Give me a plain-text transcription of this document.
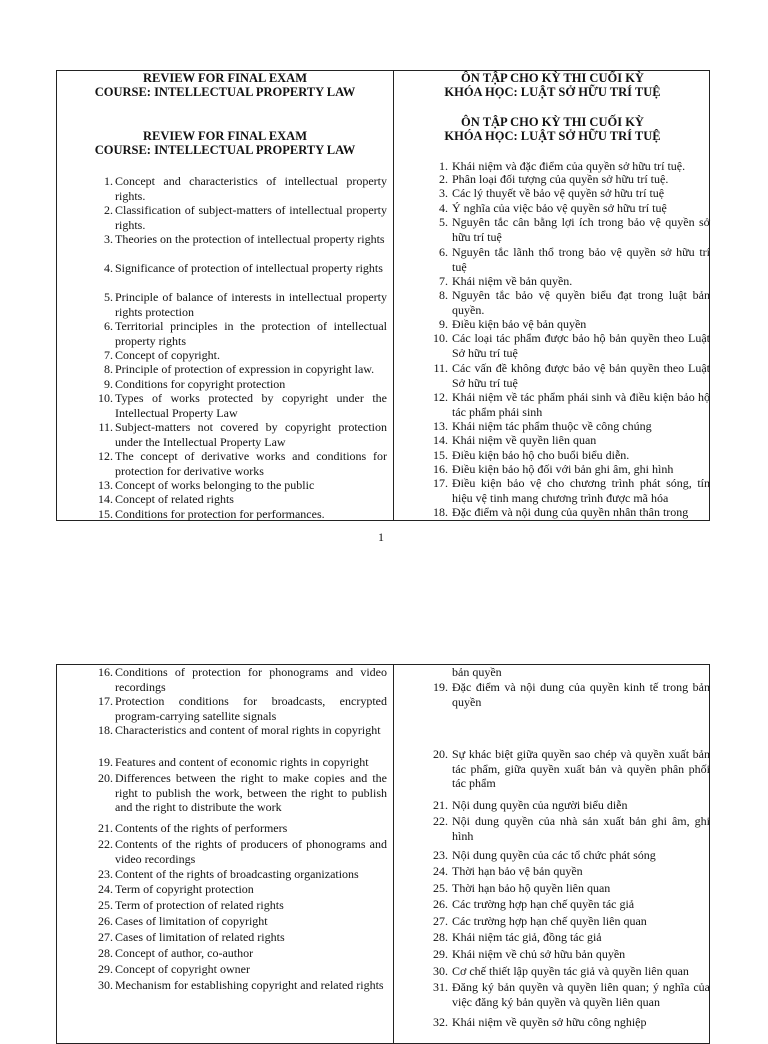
REVIEW FOR FINAL EXAM
COURSE: INTELLECTUAL PROPERTY LAW
REVIEW FOR FINAL EXAM
COURSE: INTELLECTUAL PROPERTY LAW
1. Concept and characteristics of intellectual property rights.
2. Classification of subject-matters of intellectual property rights.
3. Theories on the protection of intellectual property rights
4. Significance of protection of intellectual property rights
5. Principle of balance of interests in intellectual property rights protection
6. Territorial principles in the protection of intellectual property rights
7. Concept of copyright.
8. Principle of protection of expression in copyright law.
9. Conditions for copyright protection
10. Types of works protected by copyright under the Intellectual Property Law
11. Subject-matters not covered by copyright protection under the Intellectual Property Law
12. The concept of derivative works and conditions for protection for derivative works
13. Concept of works belonging to the public
14. Concept of related rights
15. Conditions for protection for performances.
ÔN TẬP CHO KỲ THI CUỐI KỲ
KHÓA HỌC: LUẬT SỞ HỮU TRÍ TUỆ
ÔN TẬP CHO KỲ THI CUỐI KỲ
KHÓA HỌC: LUẬT SỞ HỮU TRÍ TUỆ
1. Khái niệm và đặc điểm của quyền sở hữu trí tuệ.
2. Phân loại đối tượng của quyền sở hữu trí tuệ.
3. Các lý thuyết về bảo vệ quyền sở hữu trí tuệ
4. Ý nghĩa của việc bảo vệ quyền sở hữu trí tuệ
5. Nguyên tắc cân bằng lợi ích trong bảo vệ quyền sở hữu trí tuệ
6. Nguyên tắc lãnh thổ trong bảo vệ quyền sở hữu trí tuệ
7. Khái niệm về bản quyền.
8. Nguyên tắc bảo vệ quyền biểu đạt trong luật bản quyền.
9. Điều kiện bảo vệ bản quyền
10. Các loại tác phẩm được bảo hộ bản quyền theo Luật Sở hữu trí tuệ
11. Các vấn đề không được bảo vệ bản quyền theo Luật Sở hữu trí tuệ
12. Khái niệm về tác phẩm phái sinh và điều kiện bảo hộ tác phẩm phái sinh
13. Khái niệm tác phẩm thuộc về công chúng
14. Khái niệm về quyền liên quan
15. Điều kiện bảo hộ cho buổi biểu diễn.
16. Điều kiện bảo hộ đối với bản ghi âm, ghi hình
17. Điều kiện bảo vệ cho chương trình phát sóng, tín hiệu vệ tinh mang chương trình được mã hóa
18. Đặc điểm và nội dung của quyền nhân thân trong
1
16. Conditions of protection for phonograms and video recordings
17. Protection conditions for broadcasts, encrypted program-carrying satellite signals
18. Characteristics and content of moral rights in copyright
19. Features and content of economic rights in copyright
20. Differences between the right to make copies and the right to publish the work, between the right to publish and the right to distribute the work
21. Contents of the rights of performers
22. Contents of the rights of producers of phonograms and video recordings
23. Content of the rights of broadcasting organizations
24. Term of copyright protection
25. Term of protection of related rights
26. Cases of limitation of copyright
27. Cases of limitation of related rights
28. Concept of author, co-author
29. Concept of copyright owner
30. Mechanism for establishing copyright and related rights
bản quyền
19. Đặc điểm và nội dung của quyền kinh tế trong bản quyền
20. Sự khác biệt giữa quyền sao chép và quyền xuất bản tác phẩm, giữa quyền xuất bản và quyền phân phối tác phẩm
21. Nội dung quyền của người biểu diễn
22. Nội dung quyền của nhà sản xuất bản ghi âm, ghi hình
23. Nội dung quyền của các tổ chức phát sóng
24. Thời hạn bảo vệ bản quyền
25. Thời hạn bảo hộ quyền liên quan
26. Các trường hợp hạn chế quyền tác giả
27. Các trường hợp hạn chế quyền liên quan
28. Khái niệm tác giả, đồng tác giả
29. Khái niệm về chủ sở hữu bản quyền
30. Cơ chế thiết lập quyền tác giả và quyền liên quan
31. Đăng ký bản quyền và quyền liên quan; ý nghĩa của việc đăng ký bản quyền và quyền liên quan
32. Khái niệm về quyền sở hữu công nghiệp
